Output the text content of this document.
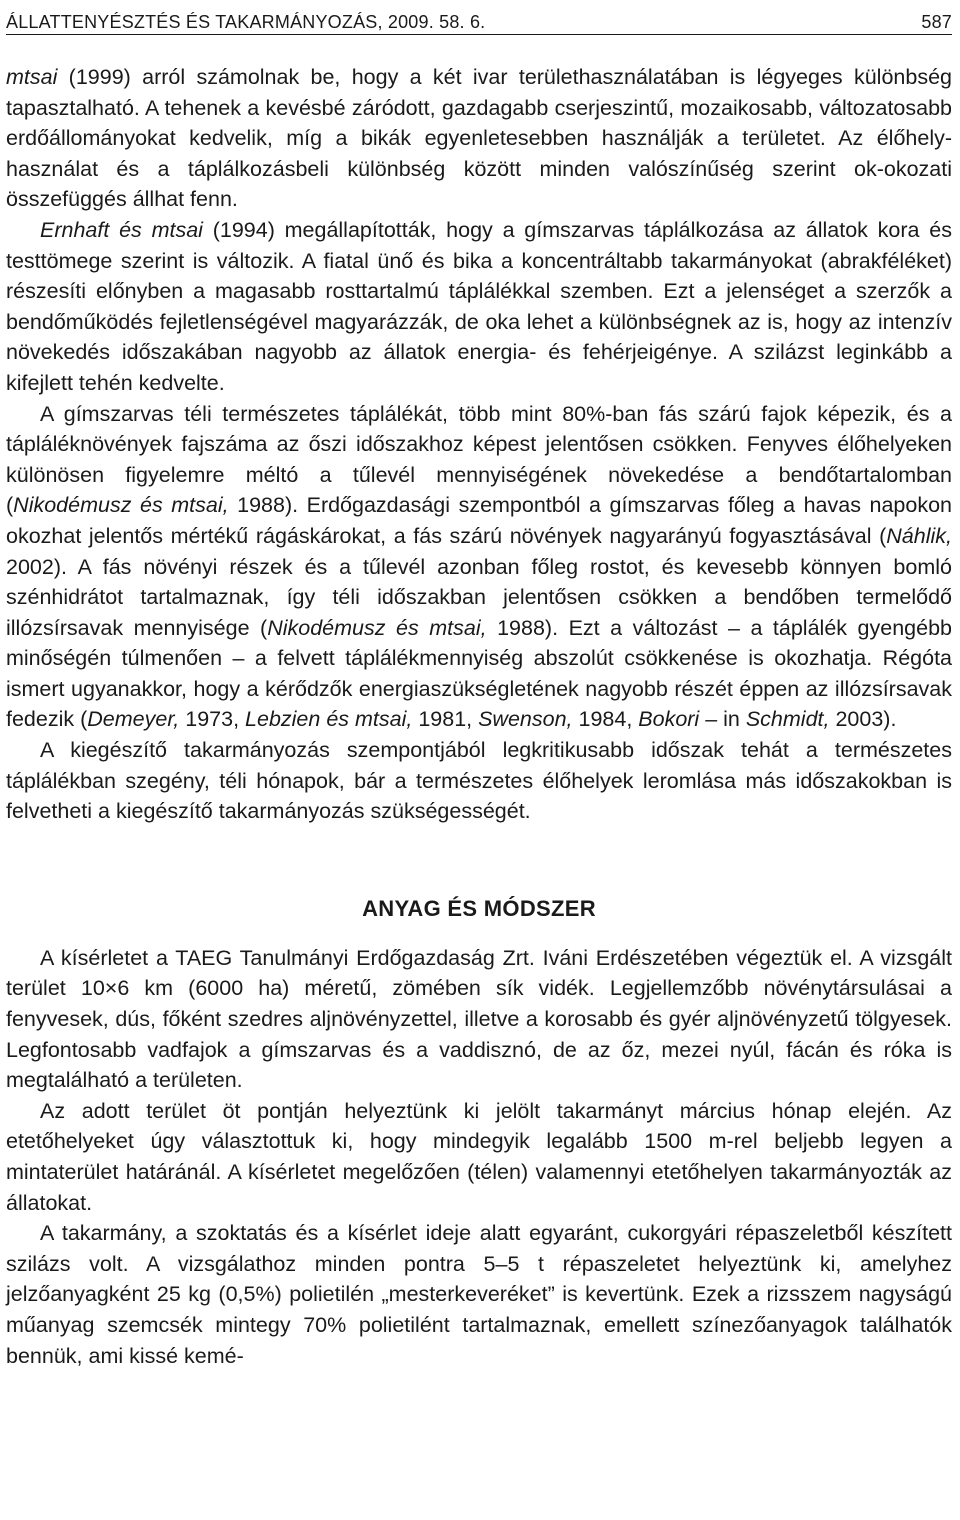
ÁLLATTENYÉSZTÉS ÉS TAKARMÁNYOZÁS, 2009. 58. 6.	587

mtsai (1999) arról számolnak be, hogy a két ivar területhasználatában is légyeges különbség tapasztalható. A tehenek a kevésbé záródott, gazdagabb cserjeszintű, mozaikosabb, változatosabb erdőállományokat kedvelik, míg a bikák egyenletesebben használják a területet. Az élőhely-használat és a táplálkozásbeli különbség között minden valószínűség szerint ok-okozati összefüggés állhat fenn.

Ernhaft és mtsai (1994) megállapították, hogy a gímszarvas táplálkozása az állatok kora és testtömege szerint is változik. A fiatal ünő és bika a koncentráltabb takarmányokat (abrakféléket) részesíti előnyben a magasabb rosttartalmú táplálékkal szemben. Ezt a jelenséget a szerzők a bendőműködés fejletlenségével magyarázzák, de oka lehet a különbségnek az is, hogy az intenzív növekedés időszakában nagyobb az állatok energia- és fehérjeigénye. A szilázst leginkább a kifejlett tehén kedvelte.

A gímszarvas téli természetes táplálékát, több mint 80%-ban fás szárú fajok képezik, és a tápláléknövények fajszáma az őszi időszakhoz képest jelentősen csökken. Fenyves élőhelyeken különösen figyelemre méltó a tűlevél mennyiségének növekedése a bendőtartalomban (Nikodémusz és mtsai, 1988). Erdőgazdasági szempontból a gímszarvas főleg a havas napokon okozhat jelentős mértékű rágáskárokat, a fás szárú növények nagyarányú fogyasztásával (Náhlik, 2002). A fás növényi részek és a tűlevél azonban főleg rostot, és kevesebb könnyen bomló szénhidrátot tartalmaznak, így téli időszakban jelentősen csökken a bendőben termelődő illózsírsavak mennyisége (Nikodémusz és mtsai, 1988). Ezt a változást – a táplálék gyengébb minőségén túlmenően – a felvett táplálékmennyiség abszolút csökkenése is okozhatja. Régóta ismert ugyanakkor, hogy a kérődzők energiaszükségletének nagyobb részét éppen az illózsírsavak fedezik (Demeyer, 1973, Lebzien és mtsai, 1981, Swenson, 1984, Bokori – in Schmidt, 2003).

A kiegészítő takarmányozás szempontjából legkritikusabb időszak tehát a természetes táplálékban szegény, téli hónapok, bár a természetes élőhelyek leromlása más időszakokban is felvetheti a kiegészítő takarmányozás szükségességét.

ANYAG ÉS MÓDSZER

A kísérletet a TAEG Tanulmányi Erdőgazdaság Zrt. Iváni Erdészetében végeztük el. A vizsgált terület 10×6 km (6000 ha) méretű, zömében sík vidék. Legjellemzőbb növénytársulásai a fenyvesek, dús, főként szedres aljnövényzettel, illetve a korosabb és gyér aljnövényzetű tölgyesek. Legfontosabb vadfajok a gímszarvas és a vaddisznó, de az őz, mezei nyúl, fácán és róka is megtalálható a területen.

Az adott terület öt pontján helyeztünk ki jelölt takarmányt március hónap elején. Az etetőhelyeket úgy választottuk ki, hogy mindegyik legalább 1500 m-rel beljebb legyen a mintaterület határánál. A kísérletet megelőzően (télen) valamennyi etetőhelyen takarmányozták az állatokat.

A takarmány, a szoktatás és a kísérlet ideje alatt egyaránt, cukorgyári répaszeletből készített szilázs volt. A vizsgálathoz minden pontra 5–5 t répaszeletet helyeztünk ki, amelyhez jelzőanyagként 25 kg (0,5%) polietilén „mesterkeveréket” is kevertünk. Ezek a rizsszem nagyságú műanyag szemcsék mintegy 70% polietilént tartalmaznak, emellett színezőanyagok találhatók bennük, ami kissé kemé-
